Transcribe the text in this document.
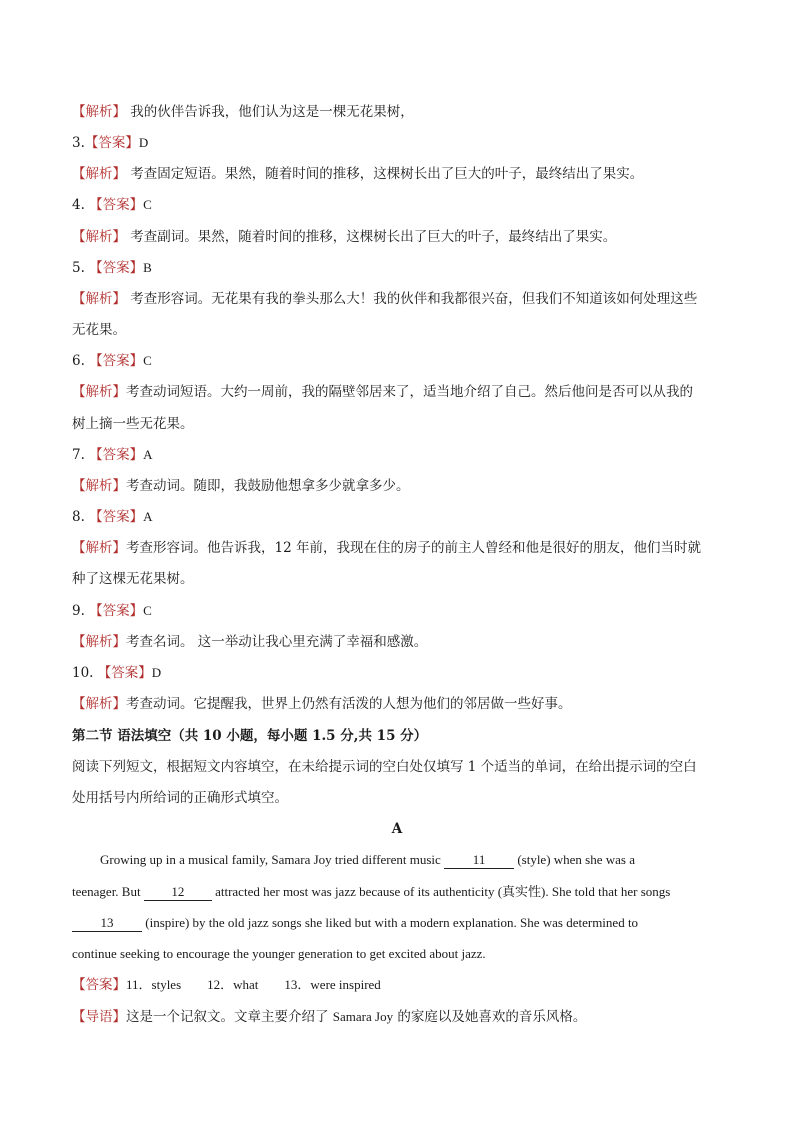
【解析】 我的伙伴告诉我，他们认为这是一棵无花果树，
3.【答案】D
【解析】 考查固定短语。果然，随着时间的推移，这棵树长出了巨大的叶子，最终结出了果实。
4. 【答案】C
【解析】 考查副词。果然，随着时间的推移，这棵树长出了巨大的叶子，最终结出了果实。
5. 【答案】B
【解析】 考查形容词。无花果有我的拳头那么大！我的伙伴和我都很兴奋，但我们不知道该如何处理这些
无花果。
6. 【答案】C
【解析】考查动词短语。大约一周前，我的隔壁邻居来了，适当地介绍了自己。然后他问是否可以从我的
树上摘一些无花果。
7. 【答案】A
【解析】考查动词。随即，我鼓励他想拿多少就拿多少。
8. 【答案】A
【解析】考查形容词。他告诉我，12 年前，我现在住的房子的前主人曾经和他是很好的朋友，他们当时就
种了这棵无花果树。
9. 【答案】C
【解析】考查名词。 这一举动让我心里充满了幸福和感激。
10. 【答案】D
【解析】考查动词。它提醒我，世界上仍然有活泼的人想为他们的邻居做一些好事。
第二节 语法填空（共 10 小题，每小题 1.5 分,共 15 分）
阅读下列短文，根据短文内容填空，在未给提示词的空白处仅填写 1 个适当的单词，在给出提示词的空白
处用括号内所给词的正确形式填空。
A
Growing up in a musical family, Samara Joy tried different music 11 (style) when she was a
teenager. But 12 attracted her most was jazz because of its authenticity (真实性). She told that her songs
13 (inspire) by the old jazz songs she liked but with a modern explanation. She was determined to
continue seeking to encourage the younger generation to get excited about jazz.
【答案】11．styles 12．what 13．were inspired
【导语】这是一个记叙文。文章主要介绍了 Samara Joy 的家庭以及她喜欢的音乐风格。
